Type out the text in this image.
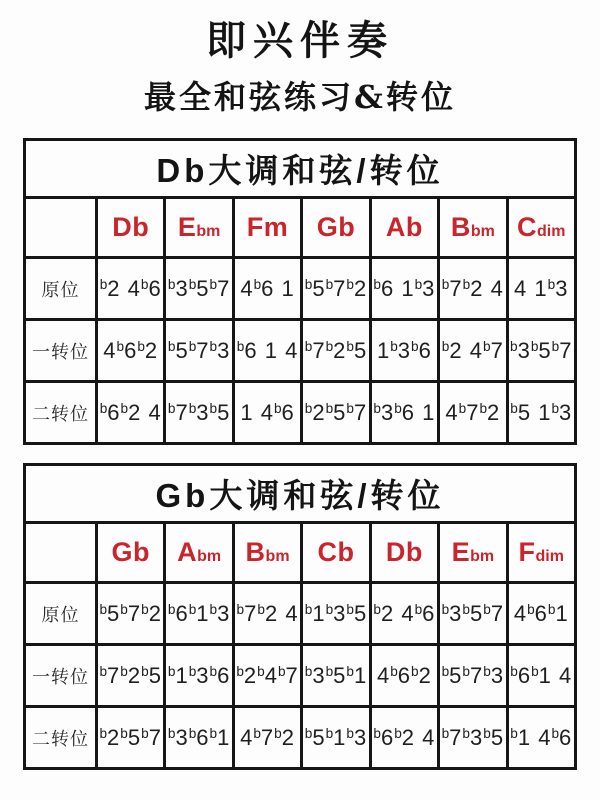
即兴伴奏
最全和弦练习&转位
Db大调和弦/转位							
	Db	Ebm	Fm	Gb	Ab	Bbm	Cdim
原位	$^b$2 4$^b$6	$^b$3$^b$5$^b$7	4$^b$6 1	$^b$5$^b$7$^b$2	$^b$6 1$^b$3	$^b$7$^b$2 4	4 1$^b$3
一转位	4$^b$6$^b$2	$^b$5$^b$7$^b$3	$^b$6 1 4	$^b$7$^b$2$^b$5	1$^b$3$^b$6	$^b$2 4$^b$7	$^b$3$^b$5$^b$7
二转位	$^b$6$^b$2 4	$^b$7$^b$3$^b$5	1 4$^b$6	$^b$2$^b$5$^b$7	$^b$3$^b$6 1	4$^b$7$^b$2	$^b$5 1$^b$3
Gb大调和弦/转位							
	Gb	Abm	Bbm	Cb	Db	Ebm	Fdim
原位	$^b$5$^b$7$^b$2	$^b$6$^b$1$^b$3	$^b$7$^b$2 4	$^b$1$^b$3$^b$5	$^b$2 4$^b$6	$^b$3$^b$5$^b$7	4$^b$6$^b$1
一转位	$^b$7$^b$2$^b$5	$^b$1$^b$3$^b$6	$^b$2$^b$4$^b$7	$^b$3$^b$5$^b$1	4$^b$6$^b$2	$^b$5$^b$7$^b$3	$^b$6$^b$1 4
二转位	$^b$2$^b$5$^b$7	$^b$3$^b$6$^b$1	4$^b$7$^b$2	$^b$5$^b$1$^b$3	$^b$6$^b$2 4	$^b$7$^b$3$^b$5	$^b$1 4$^b$6
